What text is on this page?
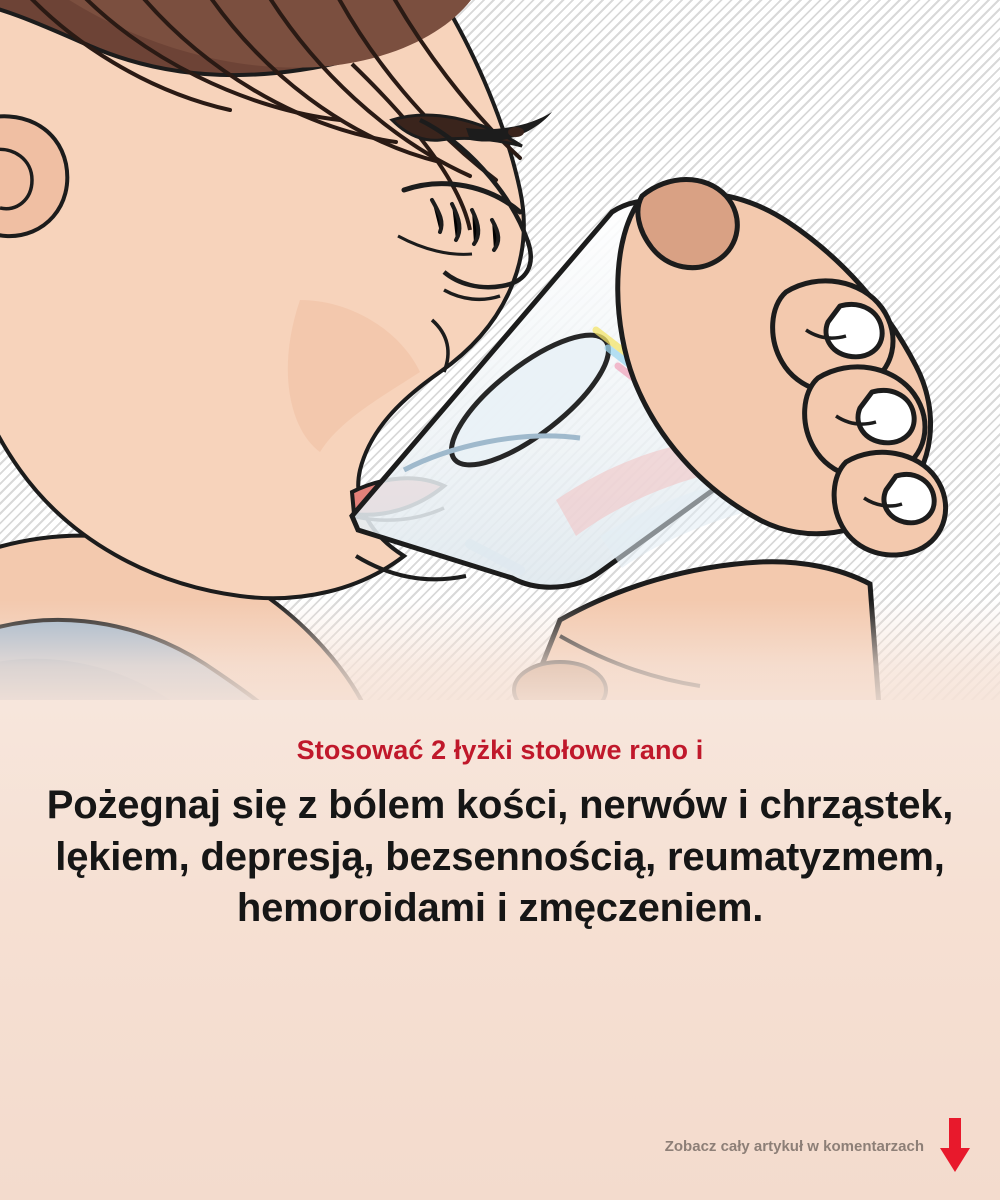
Stosować 2 łyżki stołowe rano i

Pożegnaj się z bólem kości, nerwów i chrząstek, lękiem, depresją, bezsennością, reumatyzmem, hemoroidami i zmęczeniem.

Zobacz cały artykuł w komentarzach
